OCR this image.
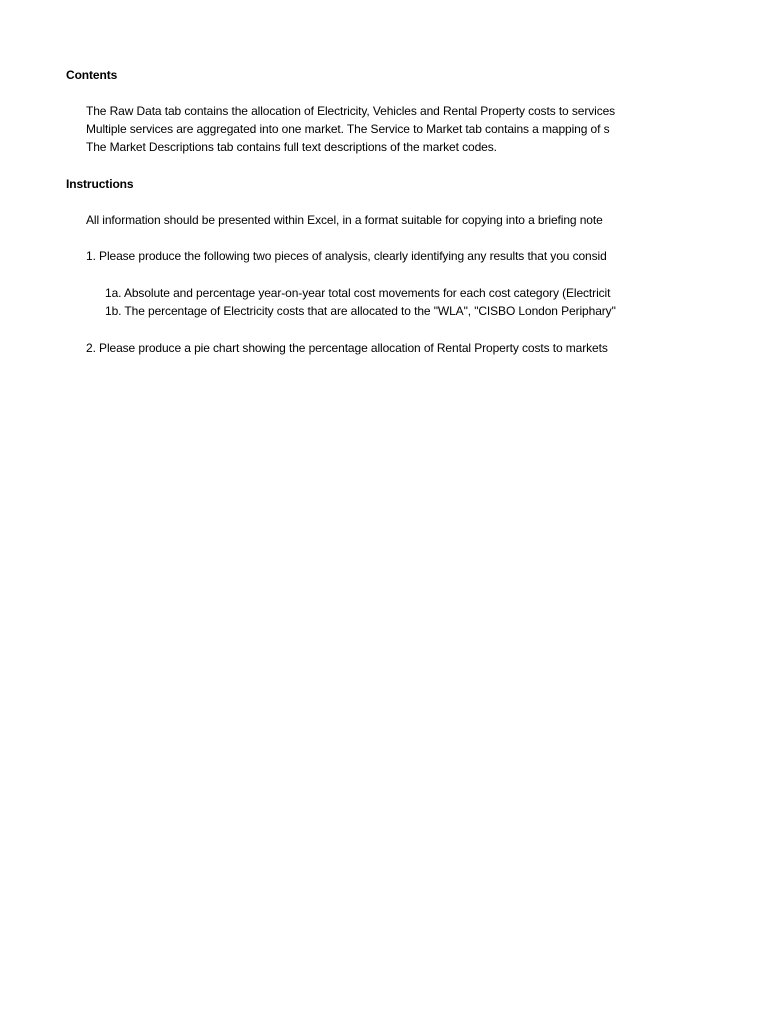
Contents
The Raw Data tab contains the allocation of Electricity, Vehicles and Rental Property costs to services
Multiple services are aggregated into one market. The Service to Market tab contains a mapping of s
The Market Descriptions tab contains full text descriptions of the market codes.
Instructions
All information should be presented within Excel, in a format suitable for copying into a briefing note
1. Please produce the following two pieces of analysis, clearly identifying any results that you consid
1a. Absolute and percentage year-on-year total cost movements for each cost category (Electricit
1b. The percentage of Electricity costs that are allocated to the "WLA", "CISBO London Periphary"
2. Please produce a pie chart showing the percentage allocation of Rental Property costs to markets
